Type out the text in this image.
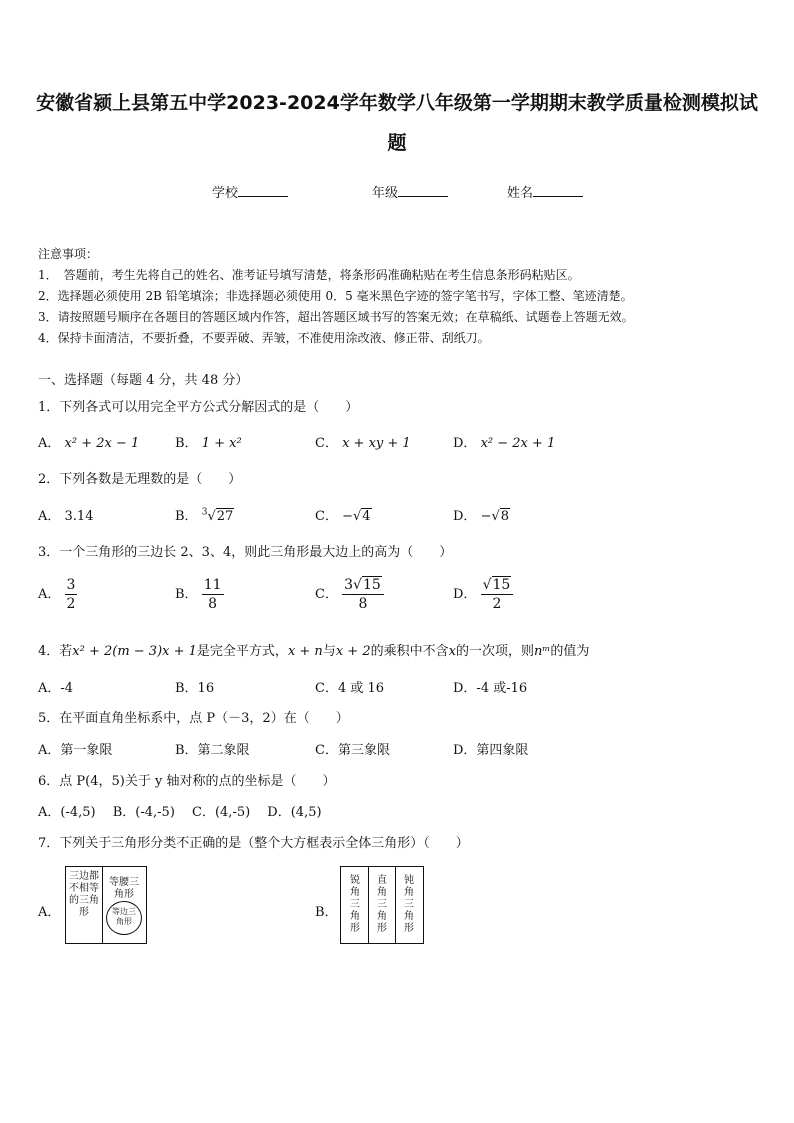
安徽省颍上县第五中学2023-2024学年数学八年级第一学期期末教学质量检测模拟试
题
学校	年级	姓名
注意事项：
1．　答题前，考生先将自己的姓名、准考证号填写清楚，将条形码准确粘贴在考生信息条形码粘贴区。
2．选择题必须使用 2B 铅笔填涂；非选择题必须使用 0．5 毫米黑色字迹的签字笔书写，字体工整、笔迹清楚。
3．请按照题号顺序在各题目的答题区域内作答，超出答题区域书写的答案无效；在草稿纸、试题卷上答题无效。
4．保持卡面清洁，不要折叠，不要弄破、弄皱，不准使用涂改液、修正带、刮纸刀。
一、选择题（每题 4 分，共 48 分）
1．下列各式可以用完全平方公式分解因式的是（　　）
A． x² + 2x − 1	B． 1 + x²	C． x + xy + 1	D． x² − 2x + 1
2．下列各数是无理数的是（　　）
A． 3.14	B． $^3$√27	C． −√4	D． −√8
3．一个三角形的三边长 2、3、4，则此三角形最大边上的高为（　　）
A． $\frac{3}{2}$	B． $\frac{11}{8}$	C． $\frac{3√15}{8}$	D． $\frac{√15}{2}$
4．若x² + 2(m − 3)x + 1是完全平方式，x + n与x + 2的乘积中不含x的一次项，则nᵐ的值为
A．-4	B．16	C．4 或 16	D．-4 或-16
5．在平面直角坐标系中，点 P（－3，2）在（　　）
A．第一象限	B．第二象限	C．第三象限	D．第四象限
6．点 P(4，5)关于 y 轴对称的点的坐标是（　　）
A．(-4,5)　 B．(-4,-5)　 C．(4,-5)　 D．(4,5)
7．下列关于三角形分类不正确的是（整个大方框表示全体三角形）（　　）
A．
三边都不相等的三角形
等腰三角形
等边三角形
B．
锐角三角形
直角三角形
钝角三角形
